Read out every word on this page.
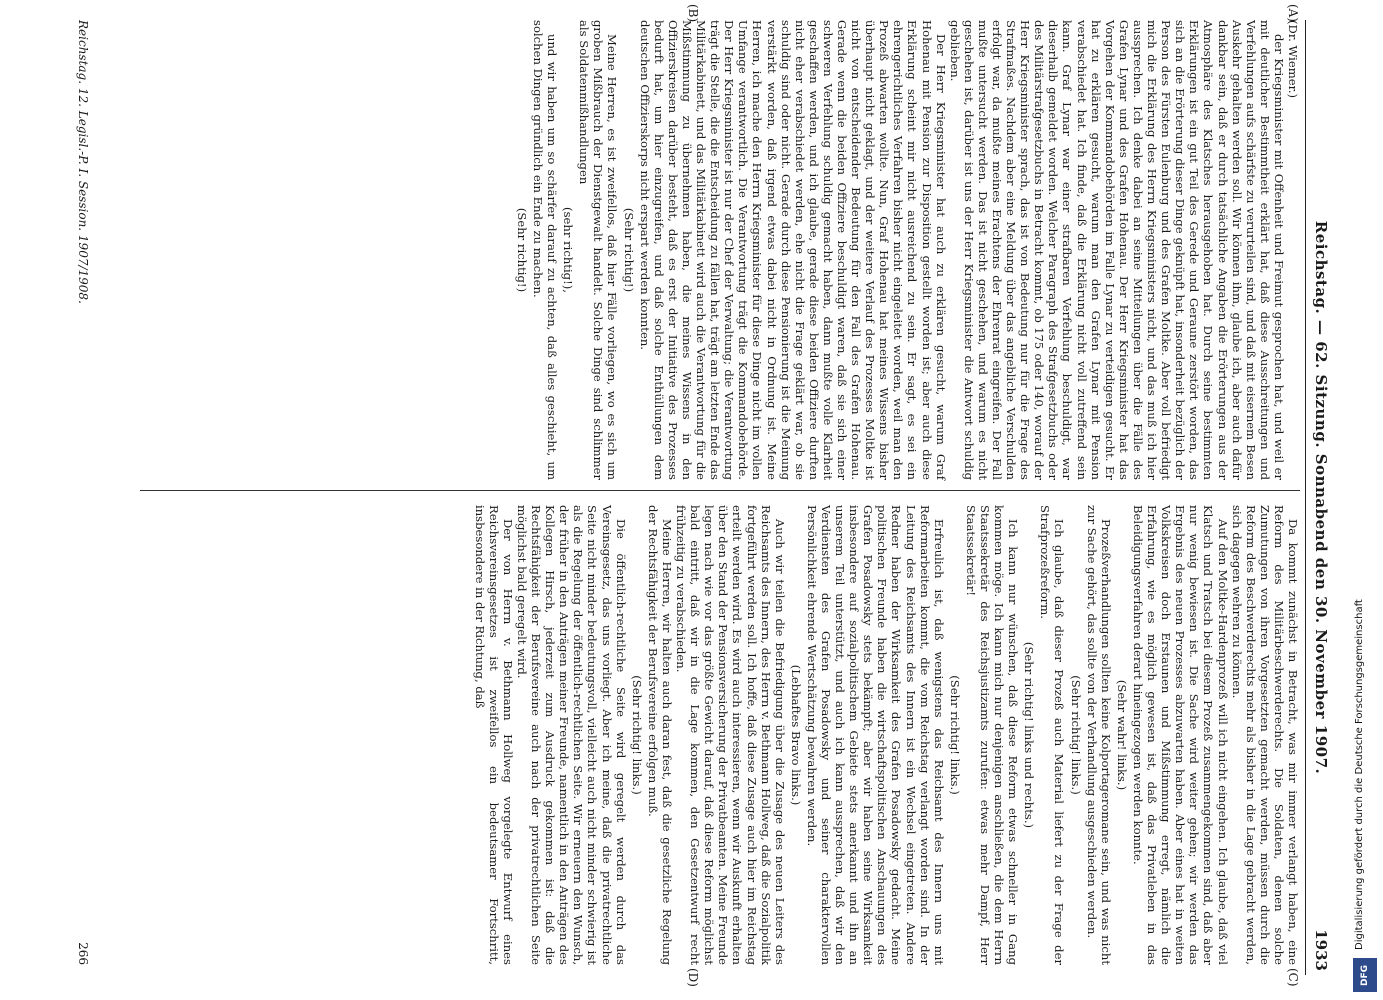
Reichstag. — 62. Sitzung. Sonnabend den 30. November 1907.
1933
(A)
(B)
(C)
(D)

(Dr. Wiemer.)

der Kriegsminister mit Offenheit und Freimut gesprochen hat, und weil er mit deutlicher Bestimmtheit erklärt hat, daß diese Ausschreitungen und Verfehlungen aufs schärfste zu verurteilen sind, und daß mit eisernem Besen Auskehr gehalten werden soll. Wir können ihm, glaube ich, aber auch dafür dankbar sein, daß er durch tatsächliche Angaben die Erörterungen aus der Atmosphäre des Klatsches herausgehoben hat. Durch seine bestimmten Erklärungen ist ein gut Teil des Gerede und Geraune zerstört worden, das sich an die Erörterung dieser Dinge geknüpft hat, insonderheit bezüglich der Person des Fürsten Eulenburg und des Grafen Moltke. Aber voll befriedigt mich die Erklärung des Herrn Kriegsministers nicht, und das muß ich hier aussprechen. Ich denke dabei an seine Mitteilungen über die Fälle des Grafen Lynar und des Grafen Hohenau. Der Herr Kriegsminister hat das Vorgehen der Kommandobehörden im Falle Lynar zu verteidigen gesucht. Er hat zu erklären gesucht, warum man den Grafen Lynar mit Pension verabschiedet hat. Ich finde, daß die Erklärung nicht voll zutreffend sein kann. Graf Lynar war einer strafbaren Verfehlung beschuldigt, war dieserhalb gemeldet worden. Welcher Paragraph des Strafgesetzbuchs oder des Militärstrafgesetzbuchs in Betracht kommt, ob 175 oder 140, worauf der Herr Kriegsminister sprach, das ist von Bedeutung nur für die Frage des Strafmaßes. Nachdem aber eine Meldung über das angebliche Verschulden erfolgt war, da mußte meines Erachtens der Ehrenrat eingreifen. Der Fall mußte untersucht werden. Das ist nicht geschehen, und warum es nicht geschehen ist, darüber ist uns der Herr Kriegsminister die Antwort schuldig geblieben.

Der Herr Kriegsminister hat auch zu erklären gesucht, warum Graf Hohenau mit Pension zur Disposition gestellt worden ist; aber auch diese Erklärung scheint mir nicht ausreichend zu sein. Er sagt, es sei ein ehrengerichtliches Verfahren bisher nicht eingeleitet worden, weil man den Prozeß abwarten wollte. Nun, Graf Hohenau hat meines Wissens bisher überhaupt nicht geklagt, und der weitere Verlauf des Prozesses Moltke ist nicht von entscheidender Bedeutung für den Fall des Grafen Hohenau. Gerade wenn die beiden Offiziere beschuldigt waren, daß sie sich einer schweren Verfehlung schuldig gemacht haben, dann mußte volle Klarheit geschaffen werden, und ich glaube, gerade diese beiden Offiziere durften nicht eher verabschiedet werden, ehe nicht die Frage geklärt war, ob sie schuldig sind oder nicht. Gerade durch diese Pensionierung ist die Meinung verstärkt worden, daß irgend etwas dabei nicht in Ordnung ist. Meine Herren, ich mache den Herrn Kriegsminister für diese Dinge nicht im vollen Umfange verantwortlich. Die Verantwortung trägt die Kommandobehörde. Der Herr Kriegsminister ist nur der Chef der Verwaltung; die Verantwortung trägt die Stelle, die die Entscheidung zu fällen hat, trägt am letzten Ende das Militärkabinett, und das Militärkabinett wird auch die Verantwortung für die Mißstimmung zu übernehmen haben, die meines Wissens in den Offizierskreisen darüber besteht, daß es erst der Initiative des Prozesses bedurft hat, um hier einzugreifen, und daß solche Enthüllungen dem deutschen Offizierskorps nicht erspart werden konnten.

(Sehr richtig!)

Meine Herren, es ist zweifellos, daß hier Fälle vorliegen, wo es sich um groben Mißbrauch der Dienstgewalt handelt. Solche Dinge sind schlimmer als Soldatenmißhandlungen

(sehr richtig!),

und wir haben um so schärfer darauf zu achten, daß alles geschieht, um solchen Dingen gründlich ein Ende zu machen.

(Sehr richtig!)

Da kommt zunächst in Betracht, was mir immer verlangt haben, eine Reform des Militärbeschwerderechts. Die Soldaten, denen solche Zumutungen von ihren Vorgesetzten gemacht werden, müssen durch die Reform des Beschwerderechts mehr als bisher in die Lage gebracht werden, sich dagegen wehren zu können.

Auf den Moltke-Hardenprozeß will ich nicht eingehen. Ich glaube, daß viel Klatsch und Tratsch bei diesem Prozeß zusammengekommen sind, daß aber nur wenig bewiesen ist. Die Sache wird weiter gehen; wir werden das Ergebnis des neuen Prozesses abzuwarten haben. Aber eines hat in weiten Volkskreisen doch Erstaunen und Mißstimmung erregt, nämlich die Erfahrung, wie es möglich gewesen ist, daß das Privatleben in das Beleidigungsverfahren derart hineingezogen werden konnte.

(Sehr wahr! links.)

Prozeßverhandlungen sollten keine Kolportageromane sein, und was nicht zur Sache gehört, das sollte von der Verhandlung ausgeschieden werden.

(Sehr richtig! links.)

Ich glaube, daß dieser Prozeß auch Material liefert zu der Frage der Strafprozeßreform.

(Sehr richtig! links und rechts.)

Ich kann nur wünschen, daß diese Reform etwas schneller in Gang kommen möge. Ich kann mich nur denjenigen anschließen, die dem Herrn Staatssekretär des Reichsjustizamts zurufen: etwas mehr Dampf, Herr Staatssekretär!

(Sehr richtig! links.)

Erfreulich ist, daß wenigstens das Reichsamt des Innern uns mit Reformarbeiten kommt, die vom Reichstag verlangt worden sind. In der Leitung des Reichsamts des Innern ist ein Wechsel eingetreten. Andere Redner haben der Wirksamkeit des Grafen Posadowsky gedacht. Meine politischen Freunde haben die wirtschaftspolitischen Anschauungen des Grafen Posadowsky stets bekämpft; aber wir haben seine Wirksamkeit insbesondere auf sozialpolitischem Gebiete stets anerkannt und ihn an unserem Teil unterstützt, und auch ich kann aussprechen, daß wir den Verdiensten des Grafen Posadowsky und seiner charaktervollen Persönlichkeit ehrende Wertschätzung bewahren werden.

(Lebhaftes Bravo links.)

Auch wir teilen die Befriedigung über die Zusage des neuen Leiters des Reichsamts des Innern, des Herrn v. Bethmann Hollweg, daß die Sozialpolitik fortgeführt werden soll. Ich hoffe, daß diese Zusage auch hier im Reichstag erteilt werden wird. Es wird auch interessieren, wenn wir Auskunft erhalten über den Stand der Pensionsversicherung der Privatbeamten. Meine Freunde legen nach wie vor das größte Gewicht darauf, daß diese Reform möglichst bald eintritt, daß wir in die Lage kommen, den Gesetzentwurf recht frühzeitig zu verabschieden.

Meine Herren, wir halten auch daran fest, daß die gesetzliche Regelung der Rechtsfähigkeit der Berufsvereine erfolgen muß.

(Sehr richtig! links.)

Die öffentlich-rechtliche Seite wird geregelt werden durch das Vereinsgesetz, das uns vorliegt. Aber ich meine, daß die privatrechtliche Seite nicht minder bedeutungsvoll, vielleicht auch nicht minder schwierig ist als die Regelung der öffentlich-rechtlichen Seite. Wir erneuern den Wunsch, der früher in den Anträgen meiner Freunde, namentlich in den Anträgen des Kollegen Hirsch, jederzeit zum Ausdruck gekommen ist: daß die Rechtsfähigkeit der Berufsvereine auch nach der privatrechtlichen Seite möglichst bald geregelt wird.

Der von Herrn v. Bethmann Hollweg vorgelegte Entwurf eines Reichsvereinsgesetzes ist zweifellos ein bedeutsamer Fortschritt, insbesondere in der Richtung, daß

Reichstag. 12. Legisl.-P. I. Session. 1907/1908.
266
Digitalisierung gefördert durch die Deutsche Forschungsgemeinschaft
DFG
